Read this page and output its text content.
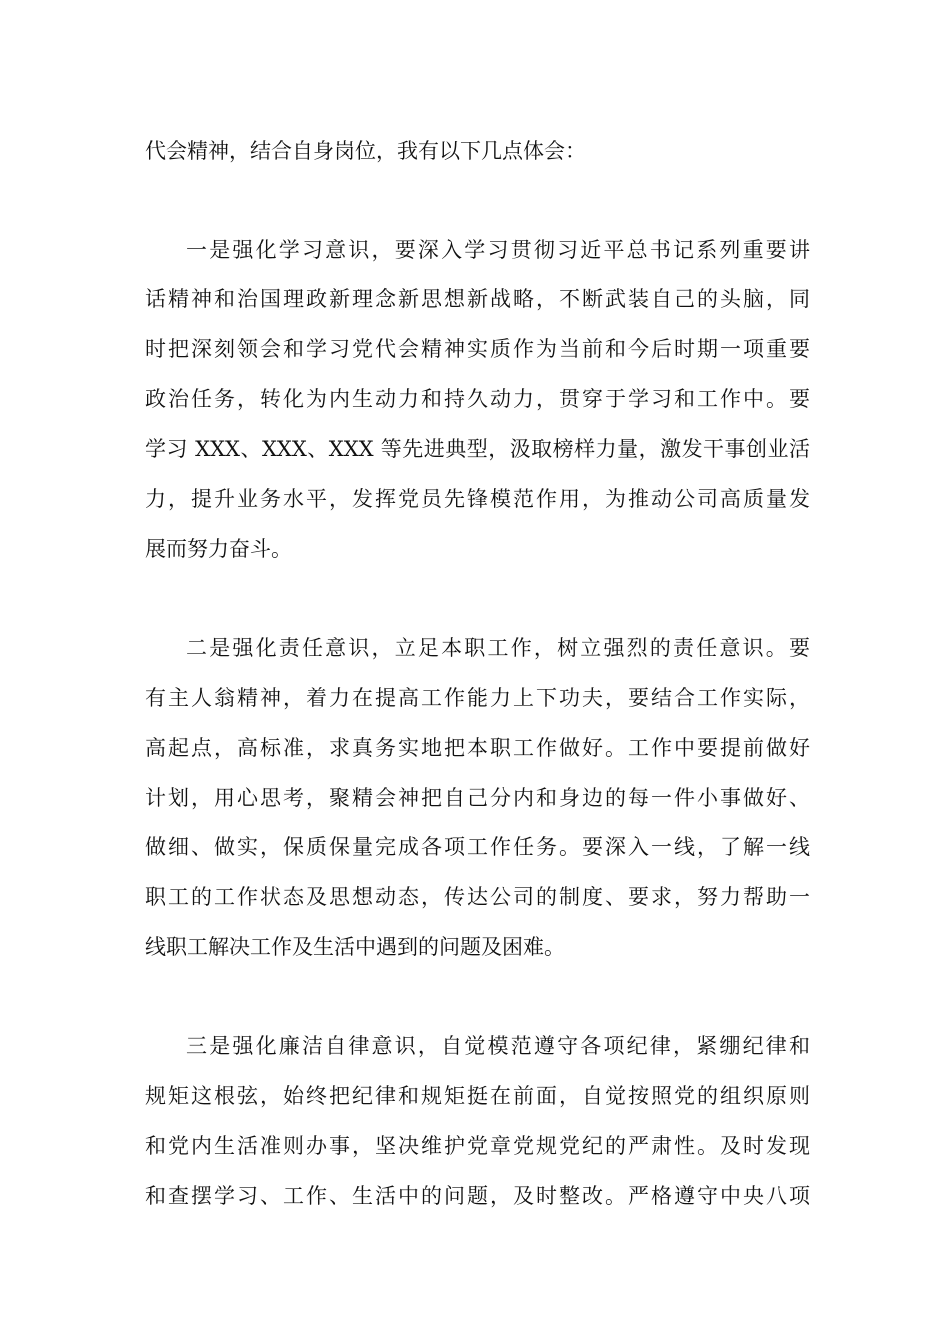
代会精神，结合自身岗位，我有以下几点体会：
一是强化学习意识，要深入学习贯彻习近平总书记系列重要讲
话精神和治国理政新理念新思想新战略，不断武装自己的头脑，同
时把深刻领会和学习党代会精神实质作为当前和今后时期一项重要
政治任务，转化为内生动力和持久动力，贯穿于学习和工作中。要
学习 XXX、XXX、XXX 等先进典型，汲取榜样力量，激发干事创业活
力，提升业务水平，发挥党员先锋模范作用，为推动公司高质量发
展而努力奋斗。
二是强化责任意识，立足本职工作，树立强烈的责任意识。要
有主人翁精神，着力在提高工作能力上下功夫，要结合工作实际，
高起点，高标准，求真务实地把本职工作做好。工作中要提前做好
计划，用心思考，聚精会神把自己分内和身边的每一件小事做好、
做细、做实，保质保量完成各项工作任务。要深入一线，了解一线
职工的工作状态及思想动态，传达公司的制度、要求，努力帮助一
线职工解决工作及生活中遇到的问题及困难。
三是强化廉洁自律意识，自觉模范遵守各项纪律，紧绷纪律和
规矩这根弦，始终把纪律和规矩挺在前面，自觉按照党的组织原则
和党内生活准则办事，坚决维护党章党规党纪的严肃性。及时发现
和查摆学习、工作、生活中的问题，及时整改。严格遵守中央八项
